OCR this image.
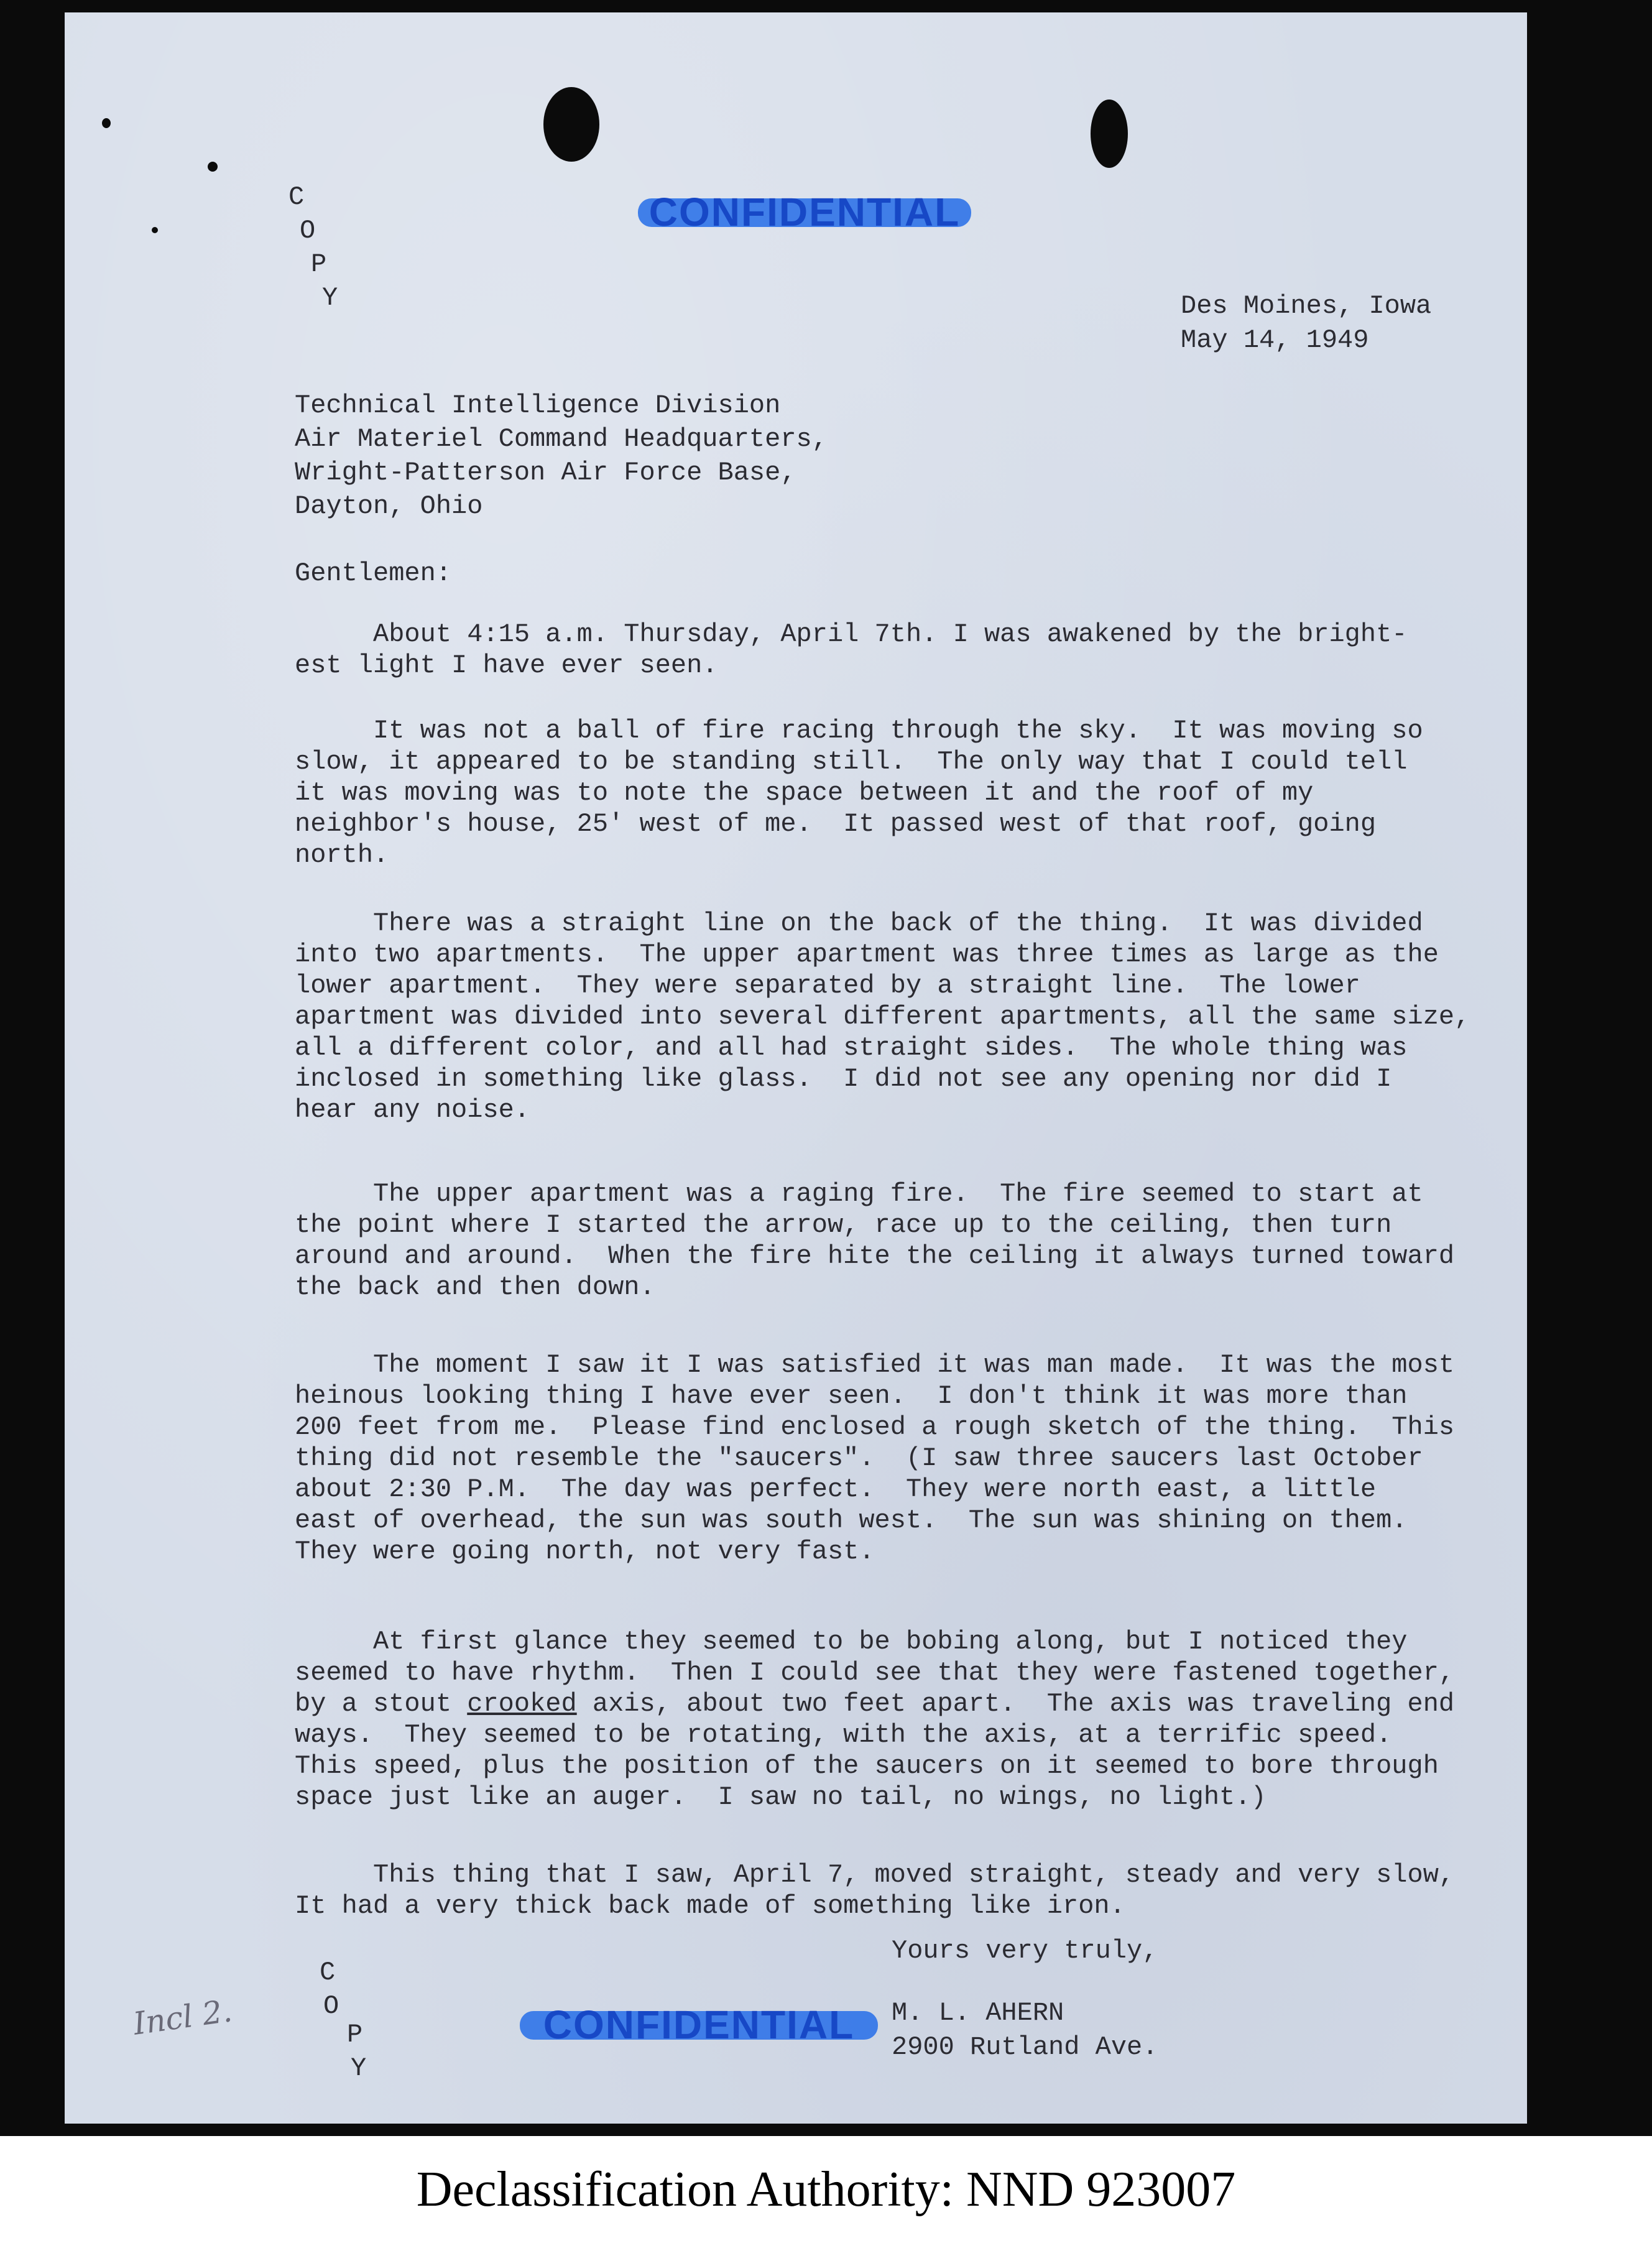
C
O
P
Y
CONFIDENTIAL
Des Moines, Iowa
May 14, 1949
Technical Intelligence Division
Air Materiel Command Headquarters,
Wright-Patterson Air Force Base,
Dayton, Ohio
Gentlemen:
About 4:15 a.m. Thursday, April 7th. I was awakened by the bright-
est light I have ever seen.
It was not a ball of fire racing through the sky.  It was moving so
slow, it appeared to be standing still.  The only way that I could tell
it was moving was to note the space between it and the roof of my
neighbor's house, 25' west of me.  It passed west of that roof, going
north.
There was a straight line on the back of the thing.  It was divided
into two apartments.  The upper apartment was three times as large as the
lower apartment.  They were separated by a straight line.  The lower
apartment was divided into several different apartments, all the same size,
all a different color, and all had straight sides.  The whole thing was
inclosed in something like glass.  I did not see any opening nor did I
hear any noise.
The upper apartment was a raging fire.  The fire seemed to start at
the point where I started the arrow, race up to the ceiling, then turn
around and around.  When the fire hite the ceiling it always turned toward
the back and then down.
The moment I saw it I was satisfied it was man made.  It was the most
heinous looking thing I have ever seen.  I don't think it was more than
200 feet from me.  Please find enclosed a rough sketch of the thing.  This
thing did not resemble the "saucers".  (I saw three saucers last October
about 2:30 P.M.  The day was perfect.  They were north east, a little
east of overhead, the sun was south west.  The sun was shining on them.
They were going north, not very fast.
At first glance they seemed to be bobing along, but I noticed they
seemed to have rhythm.  Then I could see that they were fastened together,
by a stout crooked axis, about two feet apart.  The axis was traveling end
ways.  They seemed to be rotating, with the axis, at a terrific speed.
This speed, plus the position of the saucers on it seemed to bore through
space just like an auger.  I saw no tail, no wings, no light.)
This thing that I saw, April 7, moved straight, steady and very slow,
It had a very thick back made of something like iron.
Yours very truly,
M. L. AHERN
2900 Rutland Ave.
C
O
P
Y
CONFIDENTIAL
Incl 2.
Declassification Authority: NND 923007
